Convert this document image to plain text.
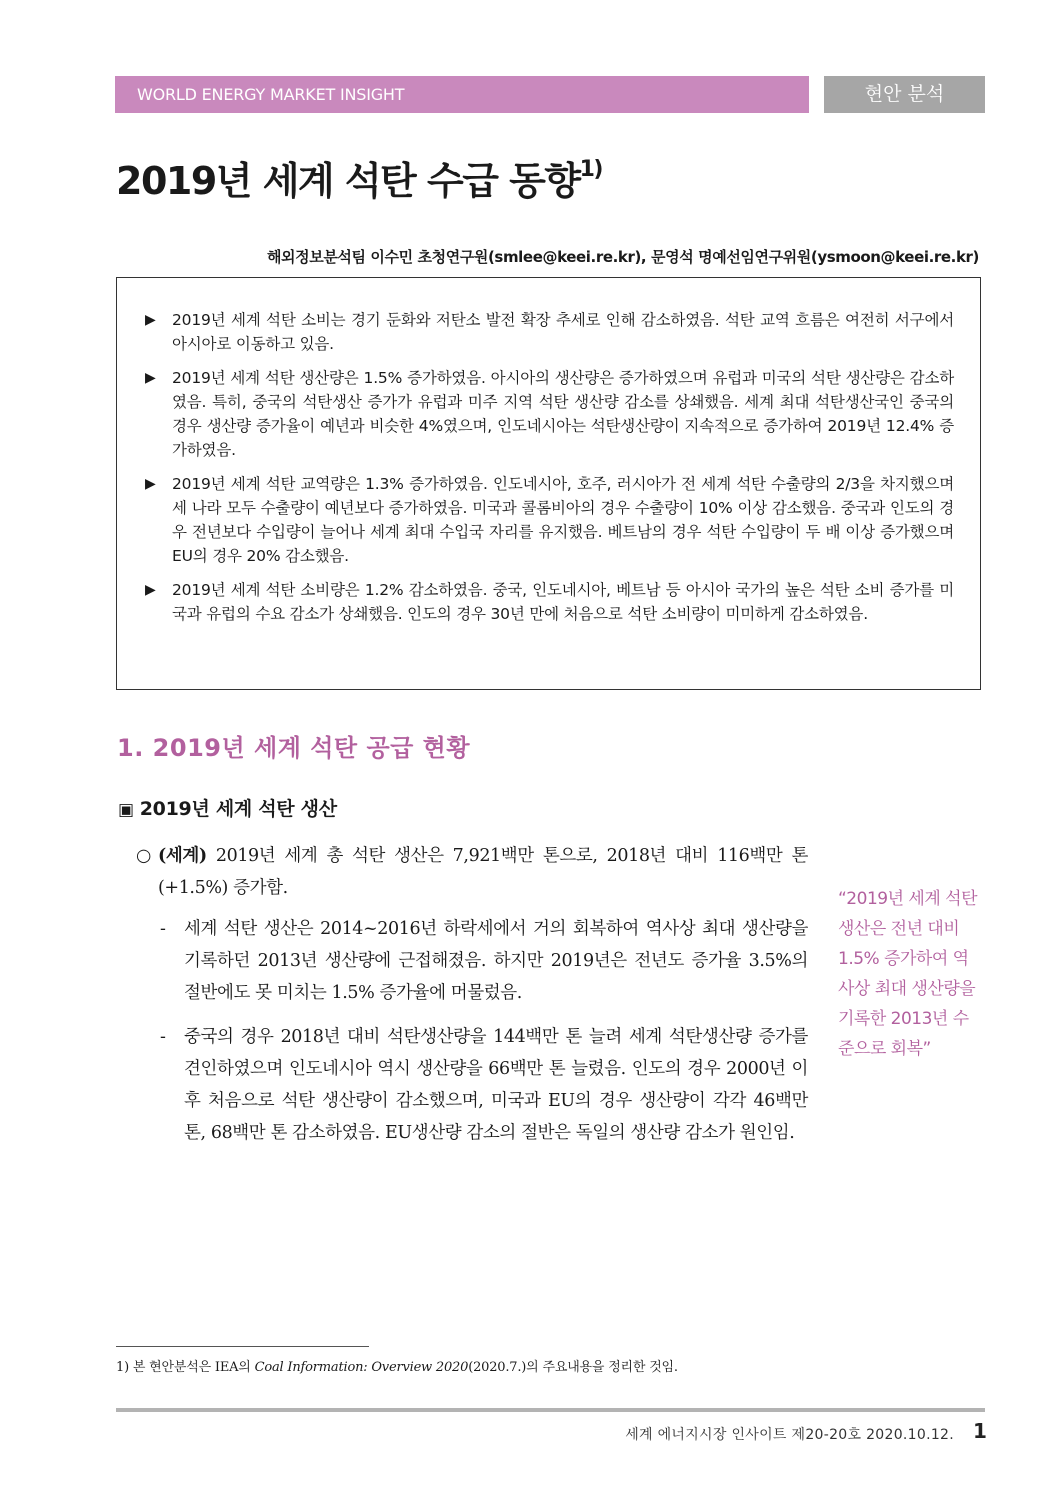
WORLD ENERGY MARKET INSIGHT	현안 분석
2019년 세계 석탄 수급 동향$^{1)}$
해외정보분석팀 이수민 초청연구원(smlee@keei.re.kr), 문영석 명예선임연구위원(ysmoon@keei.re.kr)
▶ 2019년 세계 석탄 소비는 경기 둔화와 저탄소 발전 확장 추세로 인해 감소하였음. 석탄 교역 흐름은 여전히 서구에서 아시아로 이동하고 있음.
▶ 2019년 세계 석탄 생산량은 1.5% 증가하였음. 아시아의 생산량은 증가하였으며 유럽과 미국의 석탄 생산량은 감소하였음. 특히, 중국의 석탄생산 증가가 유럽과 미주 지역 석탄 생산량 감소를 상쇄했음. 세계 최대 석탄생산국인 중국의 경우 생산량 증가율이 예년과 비슷한 4%였으며, 인도네시아는 석탄생산량이 지속적으로 증가하여 2019년 12.4% 증가하였음.
▶ 2019년 세계 석탄 교역량은 1.3% 증가하였음. 인도네시아, 호주, 러시아가 전 세계 석탄 수출량의 2/3을 차지했으며 세 나라 모두 수출량이 예년보다 증가하였음. 미국과 콜롬비아의 경우 수출량이 10% 이상 감소했음. 중국과 인도의 경우 전년보다 수입량이 늘어나 세계 최대 수입국 자리를 유지했음. 베트남의 경우 석탄 수입량이 두 배 이상 증가했으며 EU의 경우 20% 감소했음.
▶ 2019년 세계 석탄 소비량은 1.2% 감소하였음. 중국, 인도네시아, 베트남 등 아시아 국가의 높은 석탄 소비 증가를 미국과 유럽의 수요 감소가 상쇄했음. 인도의 경우 30년 만에 처음으로 석탄 소비량이 미미하게 감소하였음.
1. 2019년 세계 석탄 공급 현황
▣ 2019년 세계 석탄 생산
○ (세계) 2019년 세계 총 석탄 생산은 7,921백만 톤으로, 2018년 대비 116백만 톤 (+1.5%) 증가함.
-	세계 석탄 생산은 2014~2016년 하락세에서 거의 회복하여 역사상 최대 생산량을 기록하던 2013년 생산량에 근접해졌음. 하지만 2019년은 전년도 증가율 3.5%의 절반에도 못 미치는 1.5% 증가율에 머물렀음.
-	중국의 경우 2018년 대비 석탄생산량을 144백만 톤 늘려 세계 석탄생산량 증가를 견인하였으며 인도네시아 역시 생산량을 66백만 톤 늘렸음. 인도의 경우 2000년 이후 처음으로 석탄 생산량이 감소했으며, 미국과 EU의 경우 생산량이 각각 46백만 톤, 68백만 톤 감소하였음. EU생산량 감소의 절반은 독일의 생산량 감소가 원인임.
“2019년 세계 석탄 생산은 전년 대비 1.5% 증가하여 역사상 최대 생산량을 기록한 2013년 수준으로 회복”
1) 본 현안분석은 IEA의 Coal Information: Overview 2020(2020.7.)의 주요내용을 정리한 것임.
세계 에너지시장 인사이트 제20-20호 2020.10.12. 1
